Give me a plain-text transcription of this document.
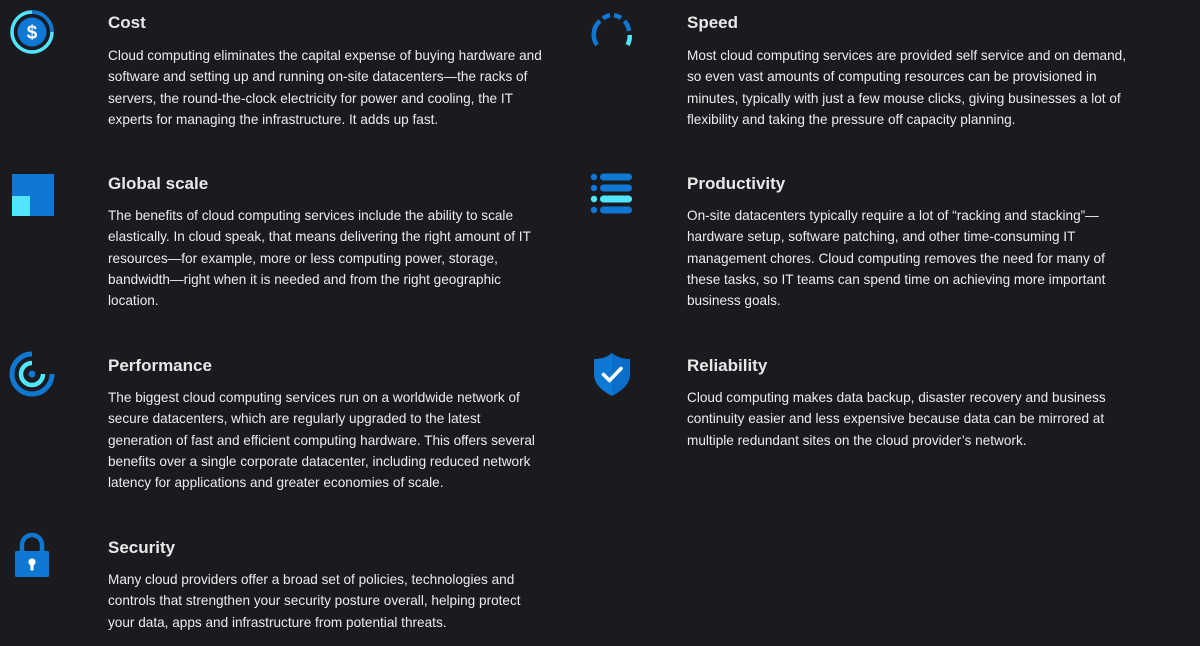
$	Cost
Cloud computing eliminates the capital expense of buying hardware and
software and setting up and running on-site datacenters—the racks of
servers, the round-the-clock electricity for power and cooling, the IT
experts for managing the infrastructure. It adds up fast.
Speed
Most cloud computing services are provided self service and on demand,
so even vast amounts of computing resources can be provisioned in
minutes, typically with just a few mouse clicks, giving businesses a lot of
flexibility and taking the pressure off capacity planning.
Global scale
The benefits of cloud computing services include the ability to scale
elastically. In cloud speak, that means delivering the right amount of IT
resources—for example, more or less computing power, storage,
bandwidth—right when it is needed and from the right geographic
location.
Productivity
On-site datacenters typically require a lot of “racking and stacking”—
hardware setup, software patching, and other time-consuming IT
management chores. Cloud computing removes the need for many of
these tasks, so IT teams can spend time on achieving more important
business goals.
Performance
The biggest cloud computing services run on a worldwide network of
secure datacenters, which are regularly upgraded to the latest
generation of fast and efficient computing hardware. This offers several
benefits over a single corporate datacenter, including reduced network
latency for applications and greater economies of scale.
Reliability
Cloud computing makes data backup, disaster recovery and business
continuity easier and less expensive because data can be mirrored at
multiple redundant sites on the cloud provider’s network.
Security
Many cloud providers offer a broad set of policies, technologies and
controls that strengthen your security posture overall, helping protect
your data, apps and infrastructure from potential threats.
